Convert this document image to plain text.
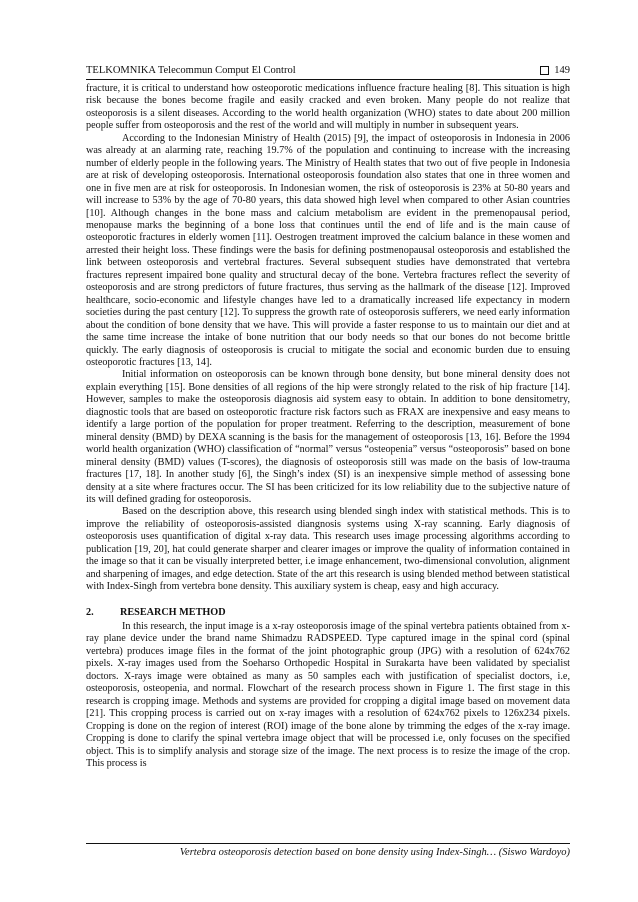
TELKOMNIKA Telecommun Comput El Control	149

fracture, it is critical to understand how osteoporotic medications influence fracture healing [8]. This situation is high risk because the bones become fragile and easily cracked and even broken. Many people do not realize that osteoporosis is a silent diseases. According to the world health organization (WHO) states to date about 200 million people suffer from osteoporosis and the rest of the world and will multiply in number in subsequent years.

According to the Indonesian Ministry of Health (2015) [9], the impact of osteoporosis in Indonesia in 2006 was already at an alarming rate, reaching 19.7% of the population and continuing to increase with the increasing number of elderly people in the following years. The Ministry of Health states that two out of five people in Indonesia are at risk of developing osteoporosis. International osteoporosis foundation also states that one in three women and one in five men are at risk for osteoporosis. In Indonesian women, the risk of osteoporosis is 23% at 50-80 years and will increase to 53% by the age of 70-80 years, this data showed high level when compared to other Asian countries [10]. Although changes in the bone mass and calcium metabolism are evident in the premenopausal period, menopause marks the beginning of a bone loss that continues until the end of life and is the main cause of osteoporotic fractures in elderly women [11]. Oestrogen treatment improved the calcium balance in these women and arrested their height loss. These findings were the basis for defining postmenopausal osteoporosis and established the link between osteoporosis and vertebral fractures. Several subsequent studies have demonstrated that vertebra fractures represent impaired bone quality and structural decay of the bone. Vertebra fractures reflect the severity of osteoporosis and are strong predictors of future fractures, thus serving as the hallmark of the disease [12]. Improved healthcare, socio-economic and lifestyle changes have led to a dramatically increased life expectancy in modern societies during the past century [12]. To suppress the growth rate of osteoporosis sufferers, we need early information about the condition of bone density that we have. This will provide a faster response to us to maintain our diet and at the same time increase the intake of bone nutrition that our body needs so that our bones do not become brittle quickly. The early diagnosis of osteoporosis is crucial to mitigate the social and economic burden due to ensuing osteoporotic fractures [13, 14].

Initial information on osteoporosis can be known through bone density, but bone mineral density does not explain everything [15]. Bone densities of all regions of the hip were strongly related to the risk of hip fracture [14]. However, samples to make the osteoporosis diagnosis aid system easy to obtain. In addition to bone densitometry, diagnostic tools that are based on osteoporotic fracture risk factors such as FRAX are inexpensive and easy means to identify a large portion of the population for proper treatment. Referring to the description, measurement of bone mineral density (BMD) by DEXA scanning is the basis for the management of osteoporosis [13, 16]. Before the 1994 world health organization (WHO) classification of “normal” versus “osteopenia” versus “osteoporosis” based on bone mineral density (BMD) values (T-scores), the diagnosis of osteoporosis still was made on the basis of low-trauma fractures [17, 18]. In another study [6], the Singh’s index (SI) is an inexpensive simple method of assessing bone density at a site where fractures occur. The SI has been criticized for its low reliability due to the subjective nature of its will defined grading for osteoporosis.

Based on the description above, this research using blended singh index with statistical methods. This is to improve the reliability of osteoporosis-assisted diangnosis systems using X-ray scanning. Early diagnosis of osteoporosis uses quantification of digital x-ray data. This research uses image processing algorithms according to publication [19, 20], hat could generate sharper and clearer images or improve the quality of information contained in the image so that it can be visually interpreted better, i.e image enhancement, two-dimensional convolution, alignment and sharpening of images, and edge detection. State of the art this research is using blended method between statistical with Index-Singh from vertebra bone density. This auxiliary system is cheap, easy and high accuracy.

2.	RESEARCH METHOD

In this research, the input image is a x-ray osteoporosis image of the spinal vertebra patients obtained from x-ray plane device under the brand name Shimadzu RADSPEED. Type captured image in the spinal cord (spinal vertebra) produces image files in the format of the joint photographic group (JPG) with a resolution of 624x762 pixels. X-ray images used from the Soeharso Orthopedic Hospital in Surakarta have been validated by specialist doctors. X-rays image were obtained as many as 50 samples each with justification of specialist doctors, i.e, osteoporosis, osteopenia, and normal. Flowchart of the research process shown in Figure 1. The first stage in this research is cropping image. Methods and systems are provided for cropping a digital image based on movement data [21]. This cropping process is carried out on x-ray images with a resolution of 624x762 pixels to 126x234 pixels. Cropping is done on the region of interest (ROI) image of the bone alone by trimming the edges of the x-ray image. Cropping is done to clarify the spinal vertebra image object that will be processed i.e, only focuses on the specified object. This is to simplify analysis and storage size of the image. The next process is to resize the image of the crop. This process is

Vertebra osteoporosis detection based on bone density using Index-Singh… (Siswo Wardoyo)
